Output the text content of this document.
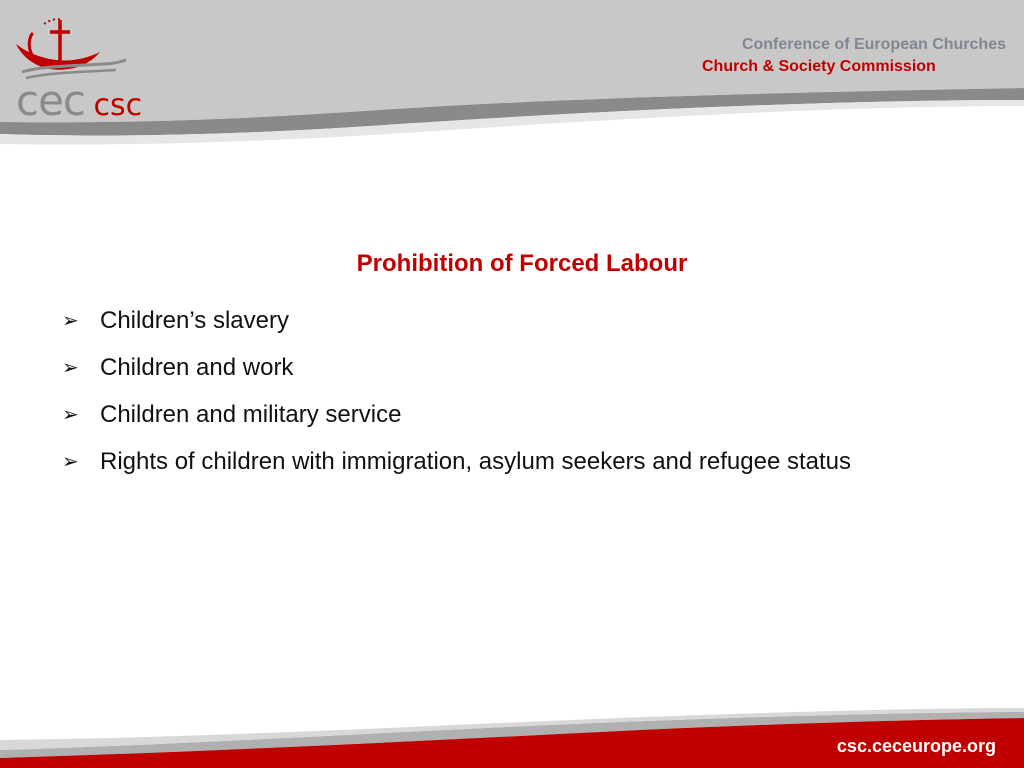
cec csc
Conference of European Churches
Church & Society Commission
Prohibition of Forced Labour
➢ Children’s slavery
➢ Children and work
➢ Children and military service
➢ Rights of children with immigration, asylum seekers and refugee status
csc.ceceurope.org
